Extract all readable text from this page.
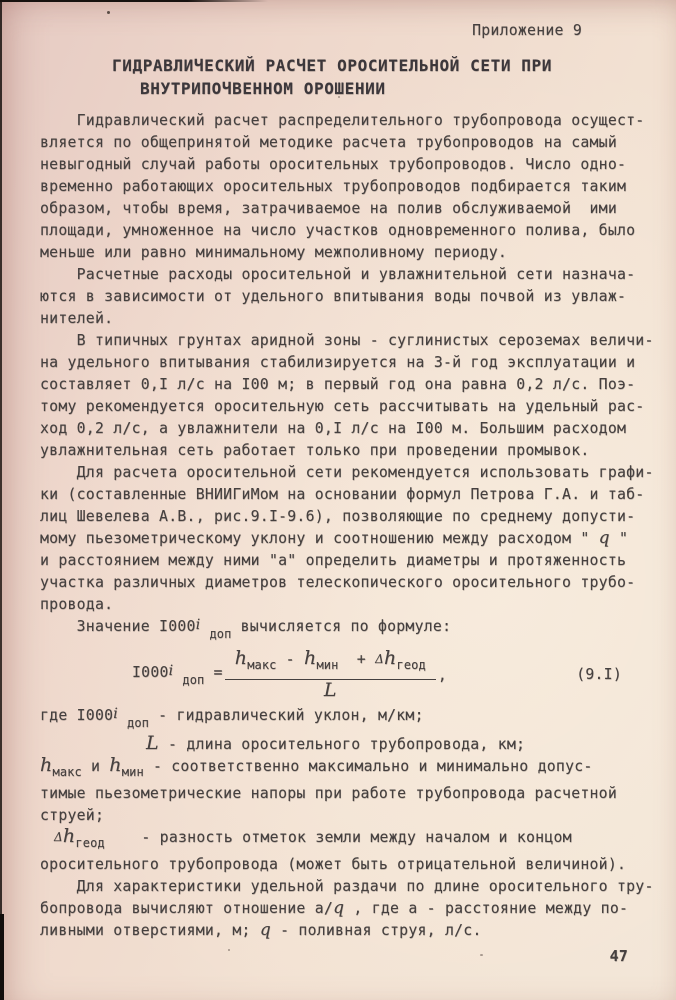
Приложение 9
ГИДРАВЛИЧЕСКИЙ РАСЧЕТ ОРОСИТЕЛЬНОЙ СЕТИ ПРИ
ВНУТРИПОЧВЕННОМ ОРОШЕНИИ
Гидравлический расчет распределительного трубопровода осущест-
вляется по общепринятой методике расчета трубопроводов на самый
невыгодный случай работы оросительных трубопроводов. Число одно-
временно работающих оросительных трубопроводов подбирается таким
образом, чтобы время, затрачиваемое на полив обслуживаемой  ими
площади, умноженное на число участков одновременного полива, было
меньше или равно минимальному межполивному периоду.
Расчетные расходы оросительной и увлажнительной сети назнача-
ются в зависимости от удельного впитывания воды почвой из увлаж-
нителей.
В типичных грунтах аридной зоны - суглинистых сероземах величи-
на удельного впитывания стабилизируется на 3-й год эксплуатации и
составляет 0,I л/с на I00 м; в первый год она равна 0,2 л/с. Поэ-
тому рекомендуется оросительную сеть рассчитывать на удельный рас-
ход 0,2 л/с, а увлажнители на 0,I л/с на I00 м. Большим расходом
увлажнительная сеть работает только при проведении промывок.
Для расчета оросительной сети рекомендуется использовать графи-
ки (составленные ВНИИГиМом на основании формул Петрова Г.А. и таб-
лиц Шевелева А.В., рис.9.I-9.6), позволяющие по среднему допусти-
мому пьезометрическому уклону и соотношению между расходом " q "
и расстоянием между ними "а" определить диаметры и протяженность
участка различных диаметров телескопического оросительного трубо-
провода.
Значение $I000i_{доп}$ вычисляется по формуле:
$I000i_{доп} = \frac{h_{макс} - h_{мин} + \Delta h_{геод}}{L}$ ,	(9.I)
где $I000i_{доп}$ - гидравлический уклон, м/км;
L - длина оросительного трубопровода, км;
$h_{макс}$ и $h_{мин}$ - соответственно максимально и минимально допус-
тимые пьезометрические напоры при работе трубопровода расчетной
струей;
$\Delta h_{геод}$    - разность отметок земли между началом и концом
оросительного трубопровода (может быть отрицательной величиной).
Для характеристики удельной раздачи по длине оросительного тру-
бопровода вычисляют отношение а/q , где а - расстояние между по-
ливными отверстиями, м; q - поливная струя, л/с.
47
